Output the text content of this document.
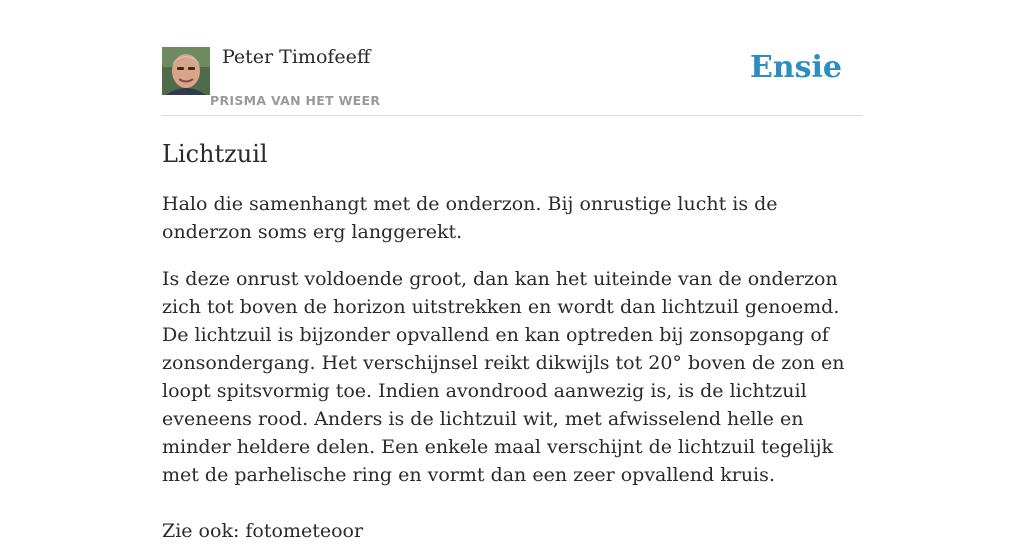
Peter Timofeeff
PRISMA VAN HET WEER
Ensie
Lichtzuil

Halo die samenhangt met de onderzon. Bij onrustige lucht is de onderzon soms erg langgerekt.

Is deze onrust voldoende groot, dan kan het uiteinde van de onderzon zich tot boven de horizon uitstrekken en wordt dan lichtzuil genoemd. De lichtzuil is bijzonder opvallend en kan optreden bij zonsopgang of zonsondergang. Het verschijnsel reikt dikwijls tot 20° boven de zon en loopt spitsvormig toe. Indien avondrood aanwezig is, is de lichtzuil eveneens rood. Anders is de lichtzuil wit, met afwisselend helle en minder heldere delen. Een enkele maal verschijnt de lichtzuil tegelijk met de parhelische ring en vormt dan een zeer opvallend kruis.

Zie ook: fotometeoor
